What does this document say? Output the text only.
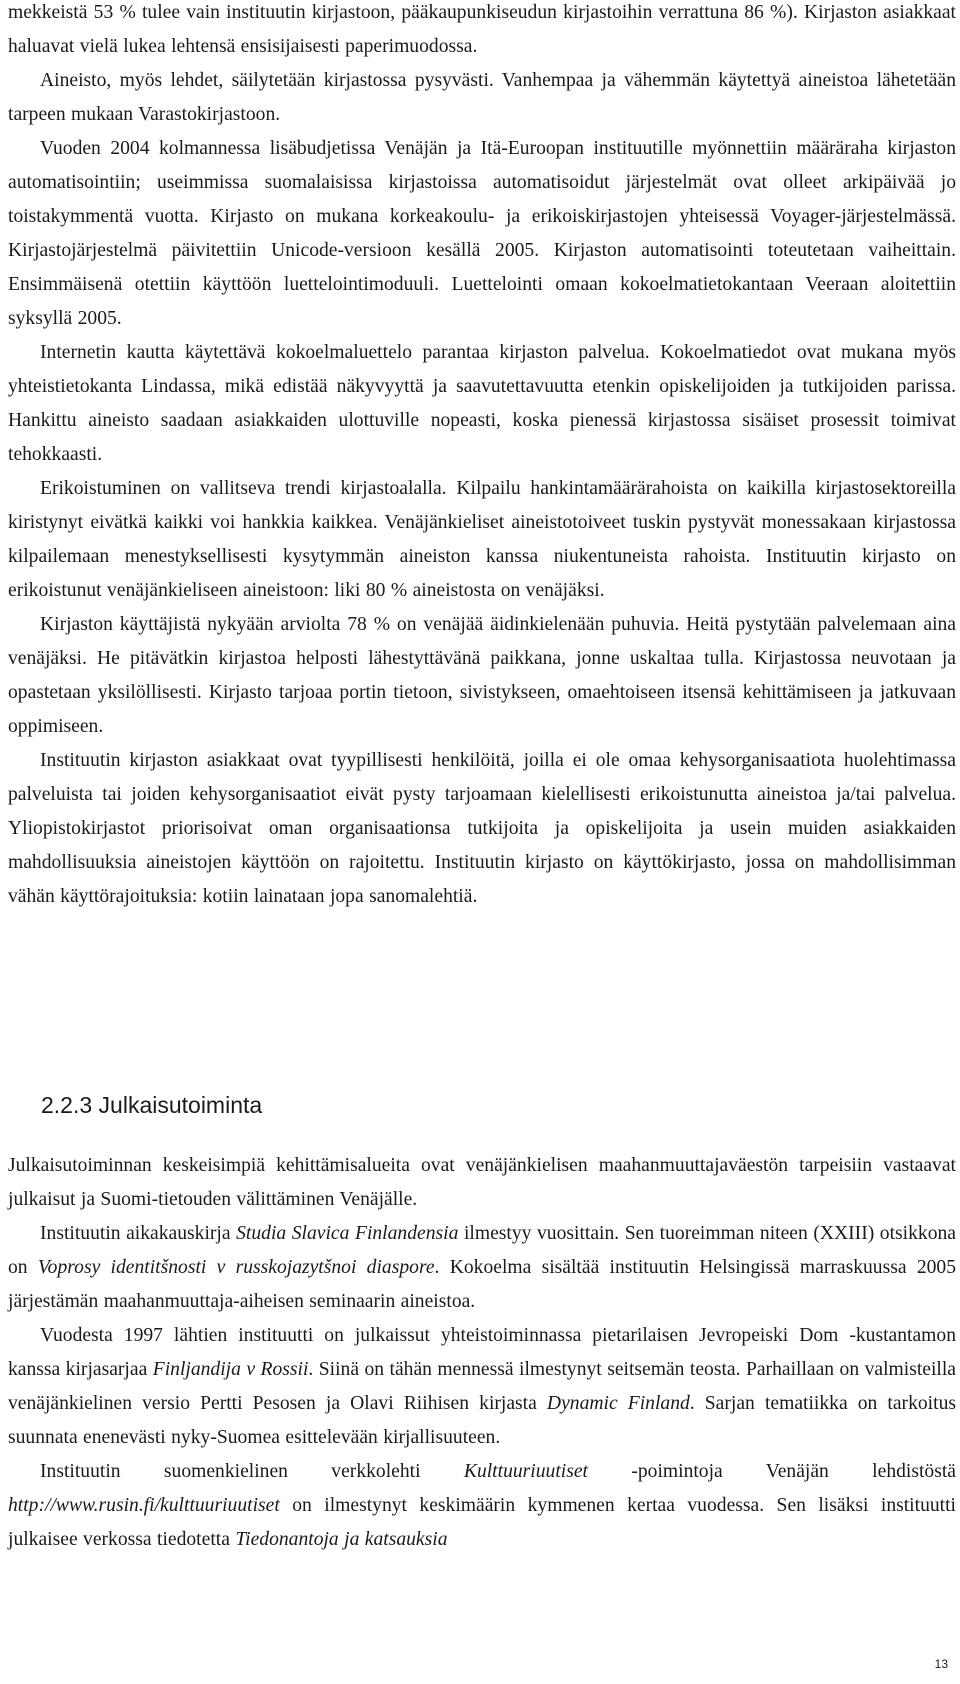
mekkeistä 53 % tulee vain instituutin kirjastoon, pääkaupunkiseudun kirjastoihin verrattuna 86 %). Kirjaston asiakkaat haluavat vielä lukea lehtensä ensisijaisesti paperimuodossa.

Aineisto, myös lehdet, säilytetään kirjastossa pysyvästi. Vanhempaa ja vähemmän käytettyä aineistoa lähetetään tarpeen mukaan Varastokirjastoon.

Vuoden 2004 kolmannessa lisäbudjetissa Venäjän ja Itä-Euroopan instituutille myönnettiin määräraha kirjaston automatisointiin; useimmissa suomalaisissa kirjastoissa automatisoidut järjestelmät ovat olleet arkipäivää jo toistakymmentä vuotta. Kirjasto on mukana korkeakoulu- ja erikoiskirjastojen yhteisessä Voyager-järjestelmässä. Kirjastojärjestelmä päivitettiin Unicode-versioon kesällä 2005. Kirjaston automatisointi toteutetaan vaiheittain. Ensimmäisenä otettiin käyttöön luettelointimoduuli. Luettelointi omaan kokoelmatietokantaan Veeraan aloitettiin syksyllä 2005.

Internetin kautta käytettävä kokoelmaluettelo parantaa kirjaston palvelua. Kokoelmatiedot ovat mukana myös yhteistietokanta Lindassa, mikä edistää näkyvyyttä ja saavutettavuutta etenkin opiskelijoiden ja tutkijoiden parissa. Hankittu aineisto saadaan asiakkaiden ulottuville nopeasti, koska pienessä kirjastossa sisäiset prosessit toimivat tehokkaasti.

Erikoistuminen on vallitseva trendi kirjastoalalla. Kilpailu hankintamäärärahoista on kaikilla kirjastosektoreilla kiristynyt eivätkä kaikki voi hankkia kaikkea. Venäjänkieliset aineistotoiveet tuskin pystyvät monessakaan kirjastossa kilpailemaan menestyksellisesti kysytymmän aineiston kanssa niukentuneista rahoista. Instituutin kirjasto on erikoistunut venäjänkieliseen aineistoon: liki 80 % aineistosta on venäjäksi.

Kirjaston käyttäjistä nykyään arviolta 78 % on venäjää äidinkielenään puhuvia. Heitä pystytään palvelemaan aina venäjäksi. He pitävätkin kirjastoa helposti lähestyttävänä paikkana, jonne uskaltaa tulla. Kirjastossa neuvotaan ja opastetaan yksilöllisesti. Kirjasto tarjoaa portin tietoon, sivistykseen, omaehtoiseen itsensä kehittämiseen ja jatkuvaan oppimiseen.

Instituutin kirjaston asiakkaat ovat tyypillisesti henkilöitä, joilla ei ole omaa kehysorganisaatiota huolehtimassa palveluista tai joiden kehysorganisaatiot eivät pysty tarjoamaan kielellisesti erikoistunutta aineistoa ja/tai palvelua. Yliopistokirjastot priorisoivat oman organisaationsa tutkijoita ja opiskelijoita ja usein muiden asiakkaiden mahdollisuuksia aineistojen käyttöön on rajoitettu. Instituutin kirjasto on käyttökirjasto, jossa on mahdollisimman vähän käyttörajoituksia: kotiin lainataan jopa sanomalehtiä.

2.2.3 Julkaisutoiminta

Julkaisutoiminnan keskeisimpiä kehittämisalueita ovat venäjänkielisen maahanmuuttajaväestön tarpeisiin vastaavat julkaisut ja Suomi-tietouden välittäminen Venäjälle.

Instituutin aikakauskirja Studia Slavica Finlandensia ilmestyy vuosittain. Sen tuoreimman niteen (XXIII) otsikkona on Voprosy identitšnosti v russkojazytšnoi diaspore. Kokoelma sisältää instituutin Helsingissä marraskuussa 2005 järjestämän maahanmuuttaja-aiheisen seminaarin aineistoa.

Vuodesta 1997 lähtien instituutti on julkaissut yhteistoiminnassa pietarilaisen Jevropeiski Dom -kustantamon kanssa kirjasarjaa Finljandija v Rossii. Siinä on tähän mennessä ilmestynyt seitsemän teosta. Parhaillaan on valmisteilla venäjänkielinen versio Pertti Pesosen ja Olavi Riihisen kirjasta Dynamic Finland. Sarjan tematiikka on tarkoitus suunnata enenevästi nyky-Suomea esittelevään kirjallisuuteen.

Instituutin suomenkielinen verkkolehti Kulttuuriuutiset -poimintoja Venäjän lehdistöstä http://www.rusin.fi/kulttuuriuutiset on ilmestynyt keskimäärin kymmenen kertaa vuodessa. Sen lisäksi instituutti julkaisee verkossa tiedotetta Tiedonantoja ja katsauksia

13
